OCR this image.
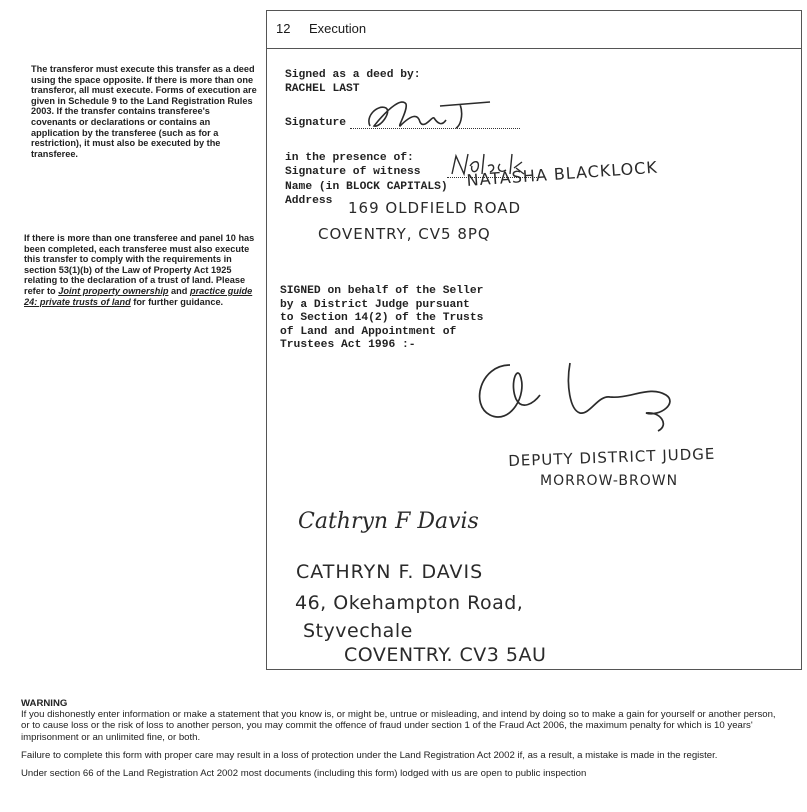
The transferor must execute this transfer as a deed using the space opposite. If there is more than one transferor, all must execute. Forms of execution are given in Schedule 9 to the Land Registration Rules 2003. If the transfer contains transferee's covenants or declarations or contains an application by the transferee (such as for a restriction), it must also be executed by the transferee.

If there is more than one transferee and panel 10 has been completed, each transferee must also execute this transfer to comply with the requirements in section 53(1)(b) of the Law of Property Act 1925 relating to the declaration of a trust of land. Please refer to Joint property ownership and practice guide 24: private trusts of land for further guidance.

12 Execution
Signed as a deed by:
RACHEL LAST
Signature
in the presence of:
Signature of witness
Name (in BLOCK CAPITALS)
Address
NATASHA BLACKLOCK
169 OLDFIELD ROAD
COVENTRY, CV5 8PQ
SIGNED on behalf of the Seller
by a District Judge pursuant
to Section 14(2) of the Trusts
of Land and Appointment of
Trustees Act 1996 :-
DEPUTY DISTRICT JUDGE
MORROW-BROWN
Cathryn F Davis
CATHRYN F. DAVIS
46, Okehampton Road,
Styvechale
COVENTRY. CV3 5AU

WARNING

If you dishonestly enter information or make a statement that you know is, or might be, untrue or misleading, and intend by doing so to make a gain for yourself or another person, or to cause loss or the risk of loss to another person, you may commit the offence of fraud under section 1 of the Fraud Act 2006, the maximum penalty for which is 10 years' imprisonment or an unlimited fine, or both.

Failure to complete this form with proper care may result in a loss of protection under the Land Registration Act 2002 if, as a result, a mistake is made in the register.

Under section 66 of the Land Registration Act 2002 most documents (including this form) lodged with us are open to public inspection
